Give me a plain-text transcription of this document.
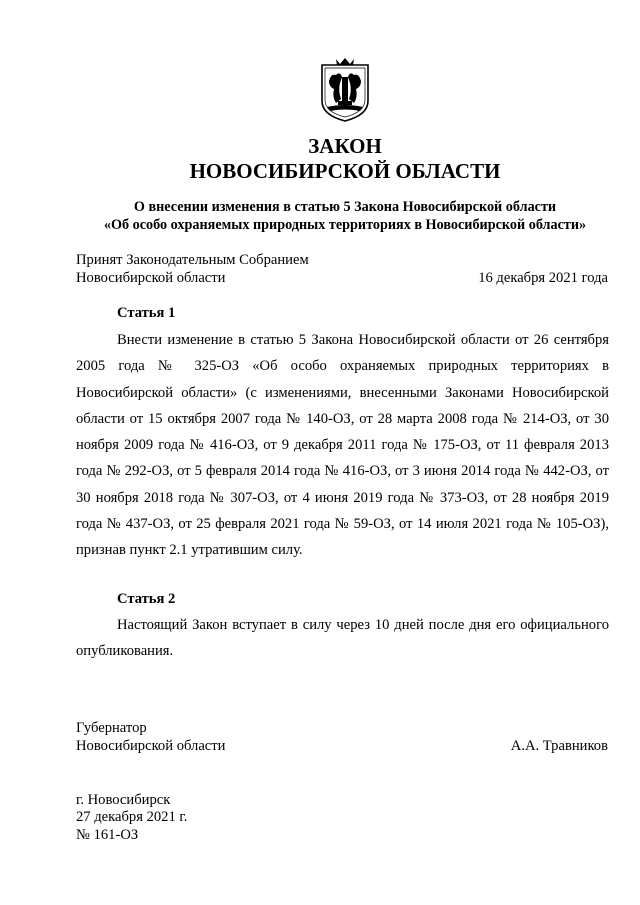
ЗАКОН
НОВОСИБИРСКОЙ ОБЛАСТИ

О внесении изменения в статью 5 Закона Новосибирской области

«Об особо охраняемых природных территориях в Новосибирской области»

Принят Законодательным Собранием
Новосибирской области	16 декабря 2021 года
Статья 1

Внести изменение в статью 5 Закона Новосибирской области от 26 сентября 2005 года № 325-ОЗ «Об особо охраняемых природных территориях в Новосибирской области» (с изменениями, внесенными Законами Новосибирской области от 15 октября 2007 года № 140-ОЗ, от 28 марта 2008 года № 214-ОЗ, от 30 ноября 2009 года № 416-ОЗ, от 9 декабря 2011 года № 175-ОЗ, от 11 февраля 2013 года № 292-ОЗ, от 5 февраля 2014 года № 416-ОЗ, от 3 июня 2014 года № 442-ОЗ, от 30 ноября 2018 года № 307-ОЗ, от 4 июня 2019 года № 373-ОЗ, от 28 ноября 2019 года № 437-ОЗ, от 25 февраля 2021 года № 59-ОЗ, от 14 июля 2021 года № 105-ОЗ), признав пункт 2.1 утратившим силу.

Статья 2

Настоящий Закон вступает в силу через 10 дней после дня его официального опубликования.

Губернатор
Новосибирской области	А.А. Травников
г. Новосибирск
27 декабря 2021 г.
№ 161-ОЗ
